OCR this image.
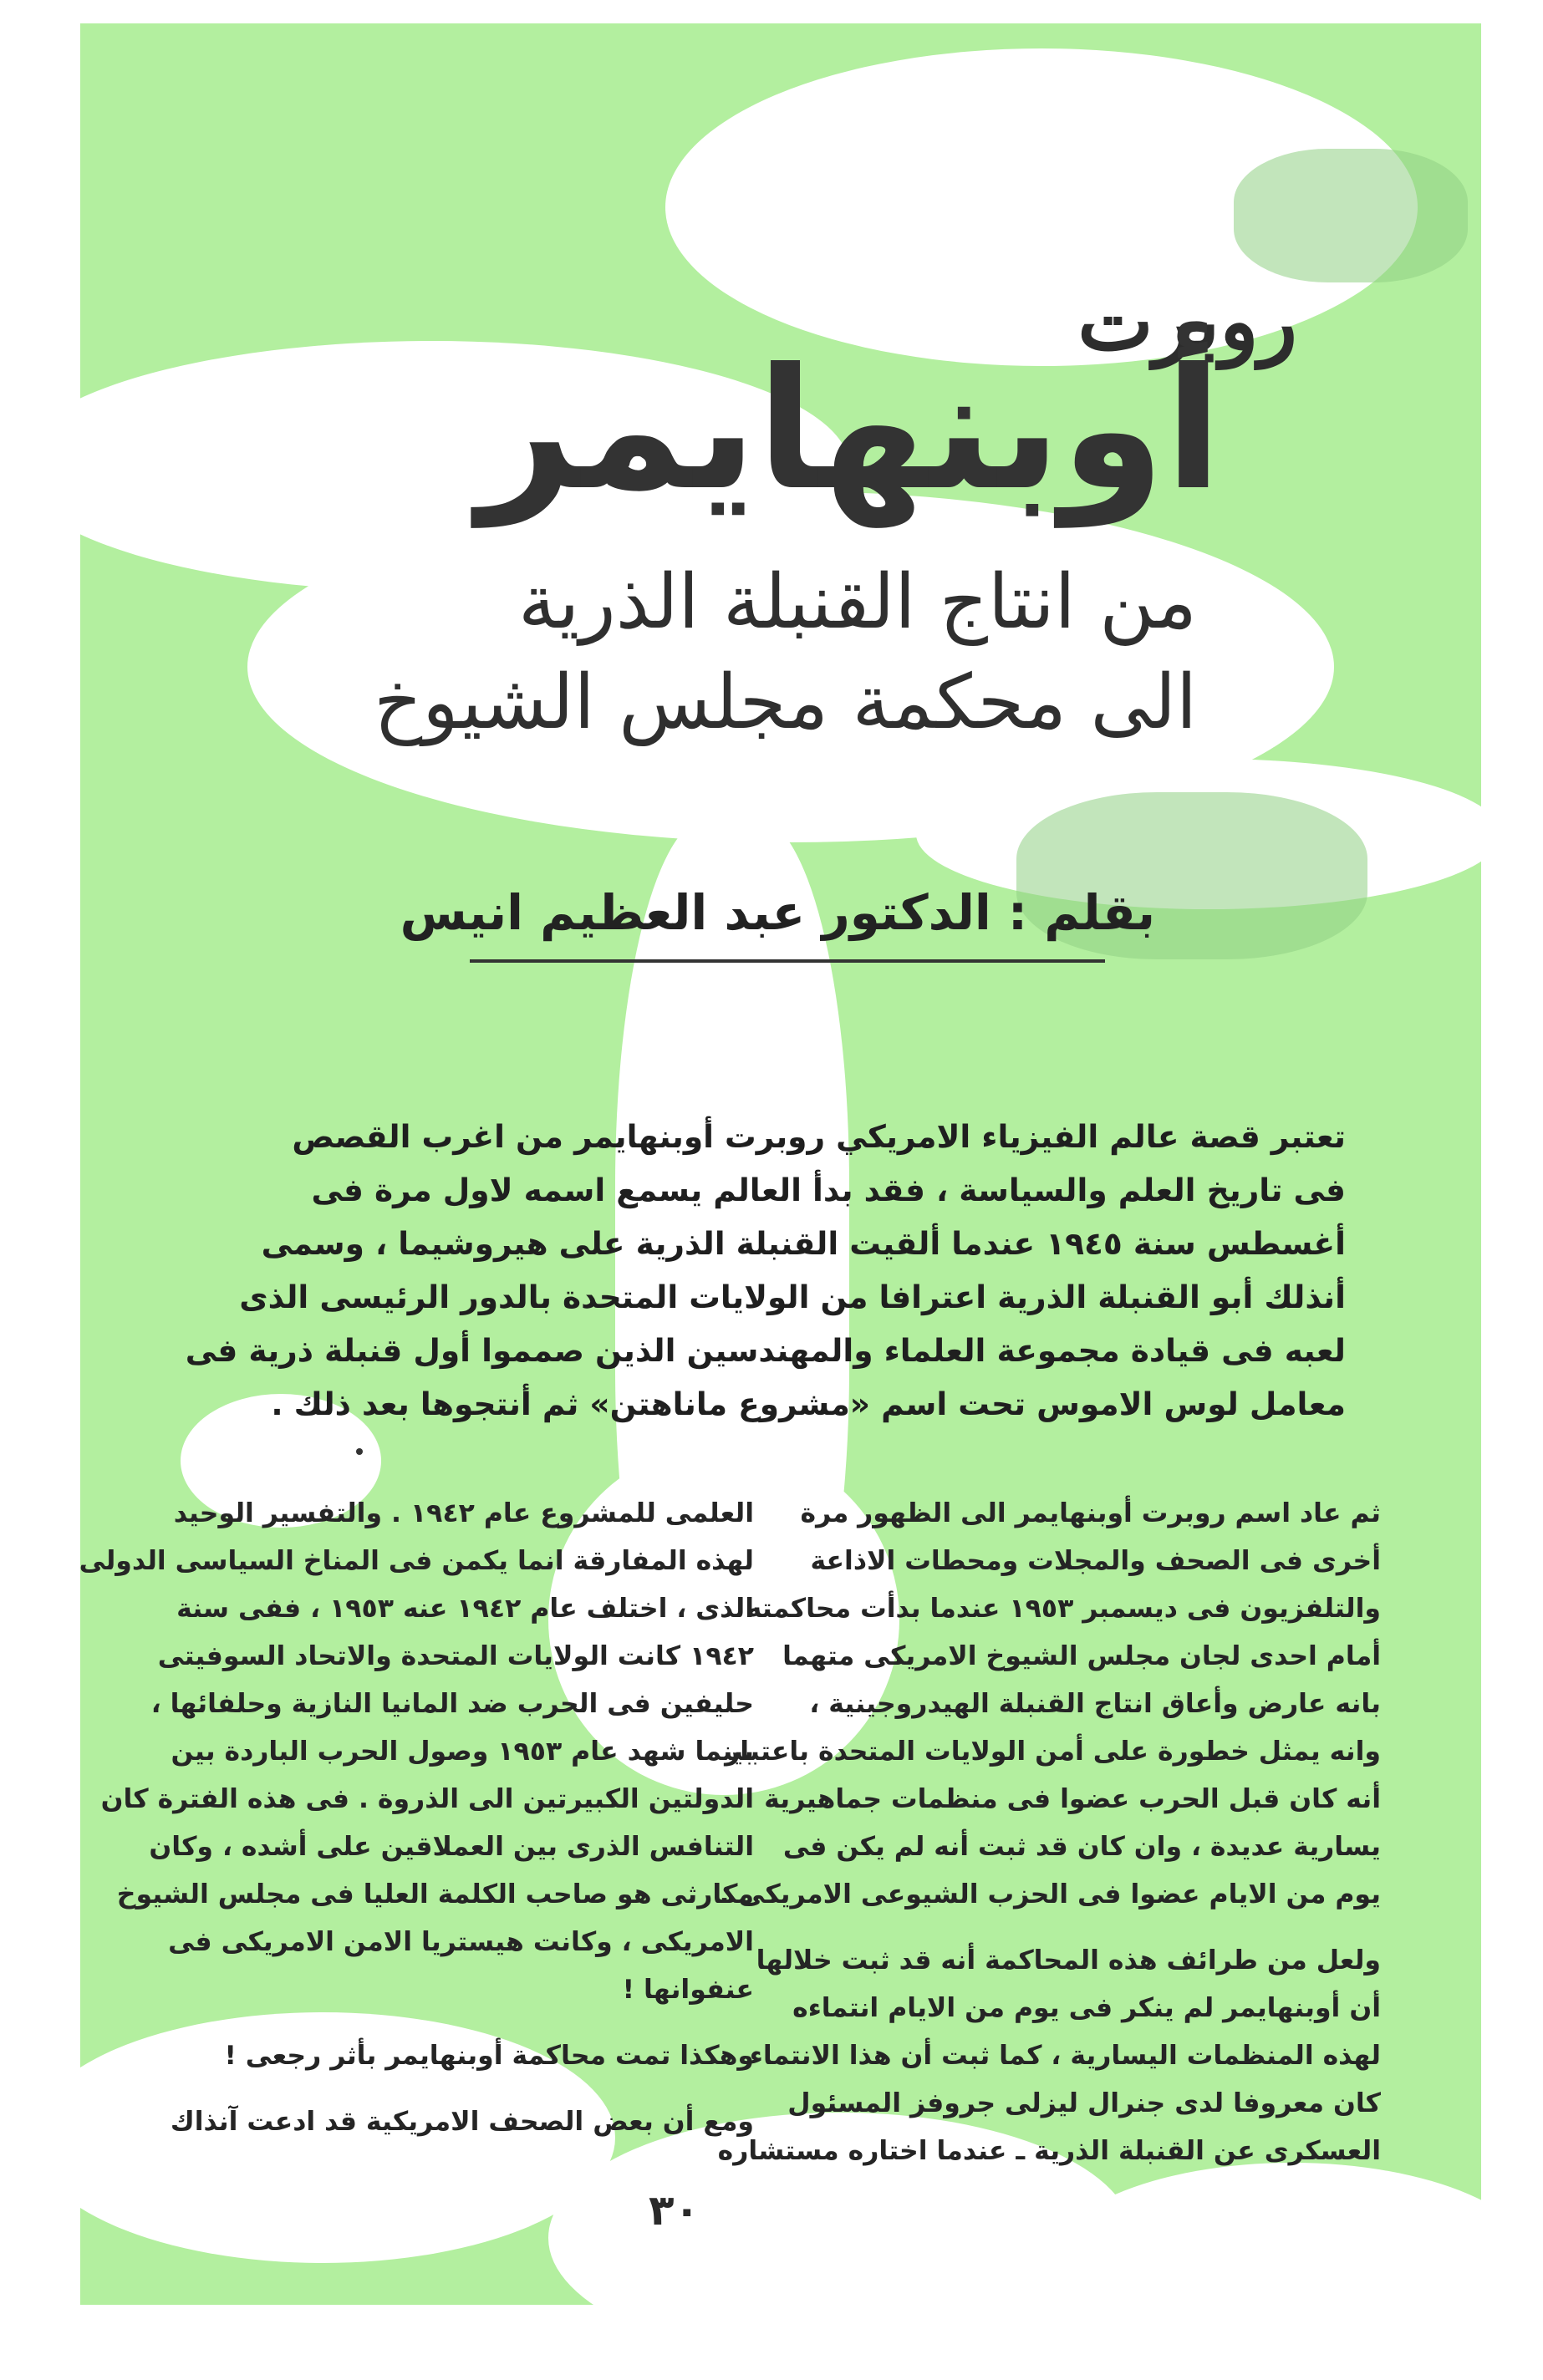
روبرت
أوبنهايمر
من انتاج القنبلة الذرية
الى محكمة مجلس الشيوخ
بقلم : الدكتور عبد العظيم انيس
تعتبر قصة عالم الفيزياء الامريكي روبرت أوبنهايمر من اغرب القصص
فى تاريخ العلم والسياسة ، فقد بدأ العالم يسمع اسمه لاول مرة فى
أغسطس سنة ١٩٤٥ عندما ألقيت القنبلة الذرية على هيروشيما ، وسمى
أنذلك أبو القنبلة الذرية اعترافا من الولايات المتحدة بالدور الرئيسى الذى
لعبه فى قيادة مجموعة العلماء والمهندسين الذين صمموا أول قنبلة ذرية فى
معامل لوس الاموس تحت اسم «مشروع ماناهتن» ثم أنتجوها بعد ذلك .
ثم عاد اسم روبرت أوبنهايمر الى الظهور مرة
أخرى فى الصحف والمجلات ومحطات الاذاعة
والتلفزيون فى ديسمبر ١٩٥٣ عندما بدأت محاكمته
أمام احدى لجان مجلس الشيوخ الامريكى متهما
بانه عارض وأعاق انتاج القنبلة الهيدروجينية ،
وانه يمثل خطورة على أمن الولايات المتحدة باعتبار
أنه كان قبل الحرب عضوا فى منظمات جماهيرية
يسارية عديدة ، وان كان قد ثبت أنه لم يكن فى
يوم من الايام عضوا فى الحزب الشيوعى الامريكى .
ولعل من طرائف هذه المحاكمة أنه قد ثبت خلالها
أن أوبنهايمر لم ينكر فى يوم من الايام انتماءه
لهذه المنظمات اليسارية ، كما ثبت أن هذا الانتماء
كان معروفا لدى جنرال ليزلى جروفز المسئول
العسكرى عن القنبلة الذرية ـ عندما اختاره مستشاره
العلمى للمشروع عام ١٩٤٢ . والتفسير الوحيد
لهذه المفارقة انما يكمن فى المناخ السياسى الدولى
الذى ، اختلف عام ١٩٤٢ عنه ١٩٥٣ ، ففى سنة
١٩٤٢ كانت الولايات المتحدة والاتحاد السوفيتى
حليفين فى الحرب ضد المانيا النازية وحلفائها ،
بينما شهد عام ١٩٥٣ وصول الحرب الباردة بين
الدولتين الكبيرتين الى الذروة . فى هذه الفترة كان
التنافس الذرى بين العملاقين على أشده ، وكان
مكارثى هو صاحب الكلمة العليا فى مجلس الشيوخ
الامريكى ، وكانت هيستريا الامن الامريكى فى
عنفوانها !
وهكذا تمت محاكمة أوبنهايمر بأثر رجعى !
ومع أن بعض الصحف الامريكية قد ادعت آنذاك
٣٠
